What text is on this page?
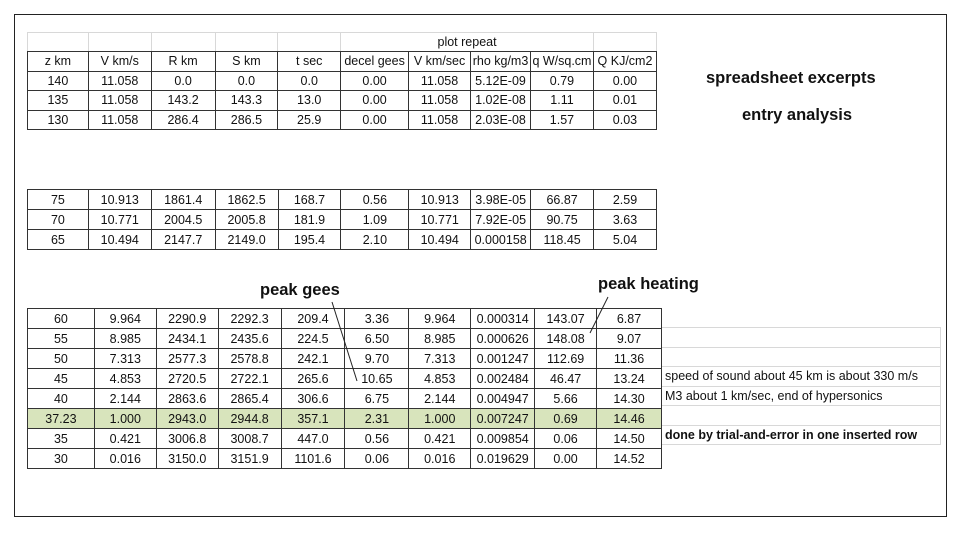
					plot repeat				
z km	V km/s	R km	S km	t sec	decel gees	V km/sec	rho kg/m3	q W/sq.cm	Q KJ/cm2
140	11.058	0.0	0.0	0.0	0.00	11.058	5.12E-09	0.79	0.00
135	11.058	143.2	143.3	13.0	0.00	11.058	1.02E-08	1.11	0.01
130	11.058	286.4	286.5	25.9	0.00	11.058	2.03E-08	1.57	0.03
75	10.913	1861.4	1862.5	168.7	0.56	10.913	3.98E-05	66.87	2.59
70	10.771	2004.5	2005.8	181.9	1.09	10.771	7.92E-05	90.75	3.63
65	10.494	2147.7	2149.0	195.4	2.10	10.494	0.000158	118.45	5.04
60	9.964	2290.9	2292.3	209.4	3.36	9.964	0.000314	143.07	6.87
55	8.985	2434.1	2435.6	224.5	6.50	8.985	0.000626	148.08	9.07
50	7.313	2577.3	2578.8	242.1	9.70	7.313	0.001247	112.69	11.36
45	4.853	2720.5	2722.1	265.6	10.65	4.853	0.002484	46.47	13.24
40	2.144	2863.6	2865.4	306.6	6.75	2.144	0.004947	5.66	14.30
37.23	1.000	2943.0	2944.8	357.1	2.31	1.000	0.007247	0.69	14.46
35	0.421	3006.8	3008.7	447.0	0.56	0.421	0.009854	0.06	14.50
30	0.016	3150.0	3151.9	1101.6	0.06	0.016	0.019629	0.00	14.52

speed of sound about 45 km is about 330 m/s
M3 about 1 km/sec, end of hypersonics

done by trial-and-error in one inserted row
spreadsheet excerpts
entry analysis
peak gees	peak heating
